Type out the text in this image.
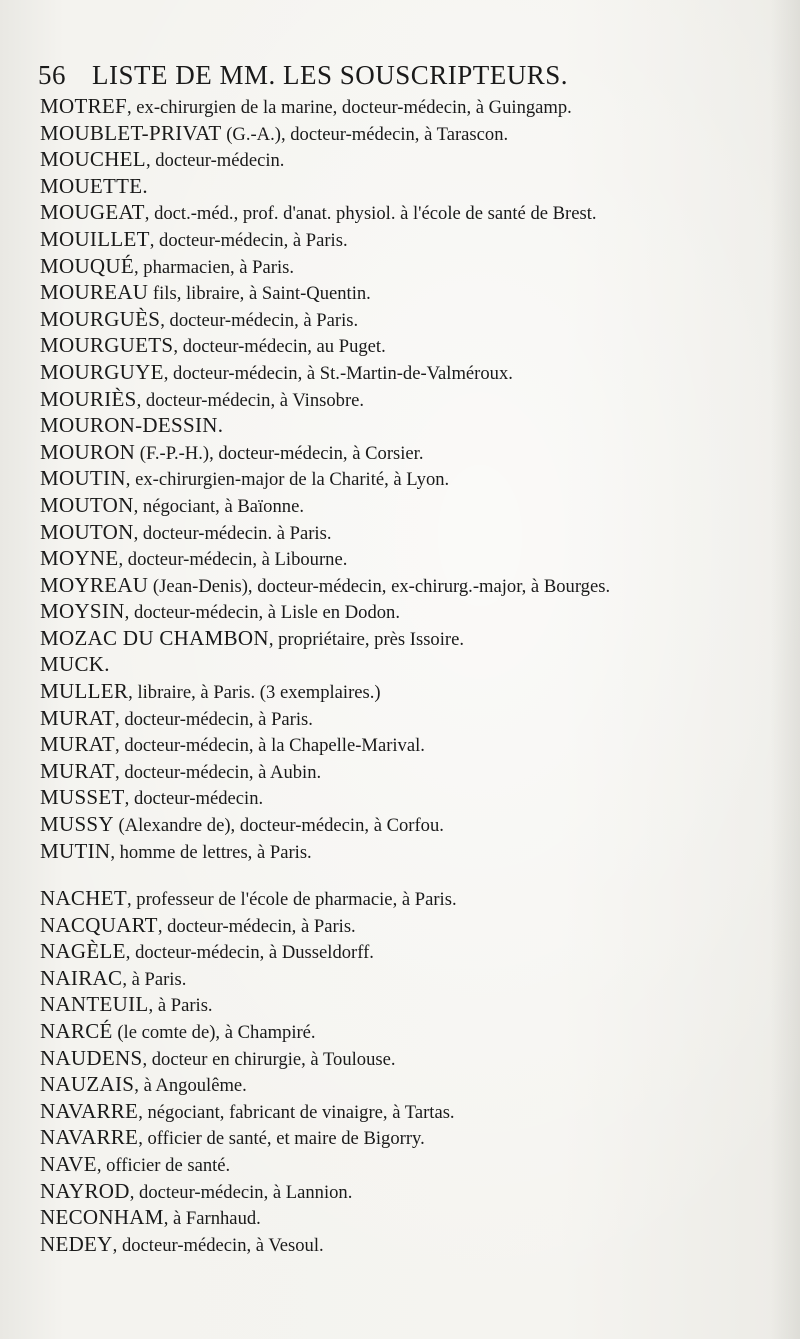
56 LISTE DE MM. LES SOUSCRIPTEURS.
MOTREF, ex-chirurgien de la marine, docteur-médecin, à Guingamp.
MOUBLET-PRIVAT (G.-A.), docteur-médecin, à Tarascon.
MOUCHEL, docteur-médecin.
MOUETTE.
MOUGEAT, doct.-méd., prof. d'anat. physiol. à l'école de santé de Brest.
MOUILLET, docteur-médecin, à Paris.
MOUQUÉ, pharmacien, à Paris.
MOUREAU fils, libraire, à Saint-Quentin.
MOURGUÈS, docteur-médecin, à Paris.
MOURGUETS, docteur-médecin, au Puget.
MOURGUYE, docteur-médecin, à St.-Martin-de-Valméroux.
MOURIÈS, docteur-médecin, à Vinsobre.
MOURON-DESSIN.
MOURON (F.-P.-H.), docteur-médecin, à Corsier.
MOUTIN, ex-chirurgien-major de la Charité, à Lyon.
MOUTON, négociant, à Baïonne.
MOUTON, docteur-médecin. à Paris.
MOYNE, docteur-médecin, à Libourne.
MOYREAU (Jean-Denis), docteur-médecin, ex-chirurg.-major, à Bourges.
MOYSIN, docteur-médecin, à Lisle en Dodon.
MOZAC DU CHAMBON, propriétaire, près Issoire.
MUCK.
MULLER, libraire, à Paris. (3 exemplaires.)
MURAT, docteur-médecin, à Paris.
MURAT, docteur-médecin, à la Chapelle-Marival.
MURAT, docteur-médecin, à Aubin.
MUSSET, docteur-médecin.
MUSSY (Alexandre de), docteur-médecin, à Corfou.
MUTIN, homme de lettres, à Paris.
NACHET, professeur de l'école de pharmacie, à Paris.
NACQUART, docteur-médecin, à Paris.
NAGÈLE, docteur-médecin, à Dusseldorff.
NAIRAC, à Paris.
NANTEUIL, à Paris.
NARCÉ (le comte de), à Champiré.
NAUDENS, docteur en chirurgie, à Toulouse.
NAUZAIS, à Angoulême.
NAVARRE, négociant, fabricant de vinaigre, à Tartas.
NAVARRE, officier de santé, et maire de Bigorry.
NAVE, officier de santé.
NAYROD, docteur-médecin, à Lannion.
NECONHAM, à Farnhaud.
NEDEY, docteur-médecin, à Vesoul.
